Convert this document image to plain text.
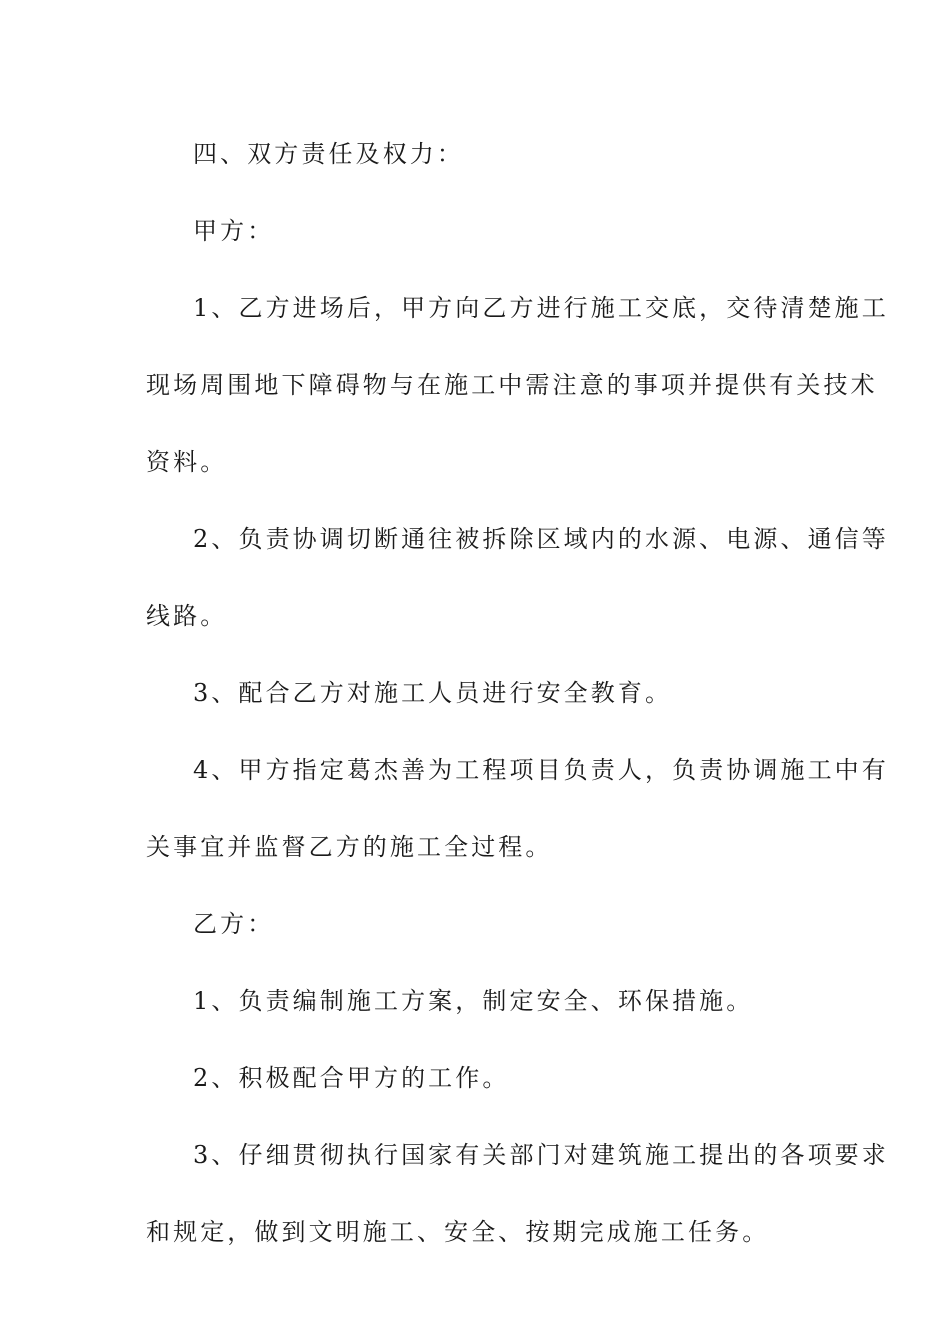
四、双方责任及权力：

甲方：

1、乙方进场后，甲方向乙方进行施工交底，交待清楚施工

现场周围地下障碍物与在施工中需注意的事项并提供有关技术

资料。

2、负责协调切断通往被拆除区域内的水源、电源、通信等

线路。

3、配合乙方对施工人员进行安全教育。

4、甲方指定葛杰善为工程项目负责人，负责协调施工中有

关事宜并监督乙方的施工全过程。

乙方：

1、负责编制施工方案，制定安全、环保措施。

2、积极配合甲方的工作。

3、仔细贯彻执行国家有关部门对建筑施工提出的各项要求

和规定，做到文明施工、安全、按期完成施工任务。
